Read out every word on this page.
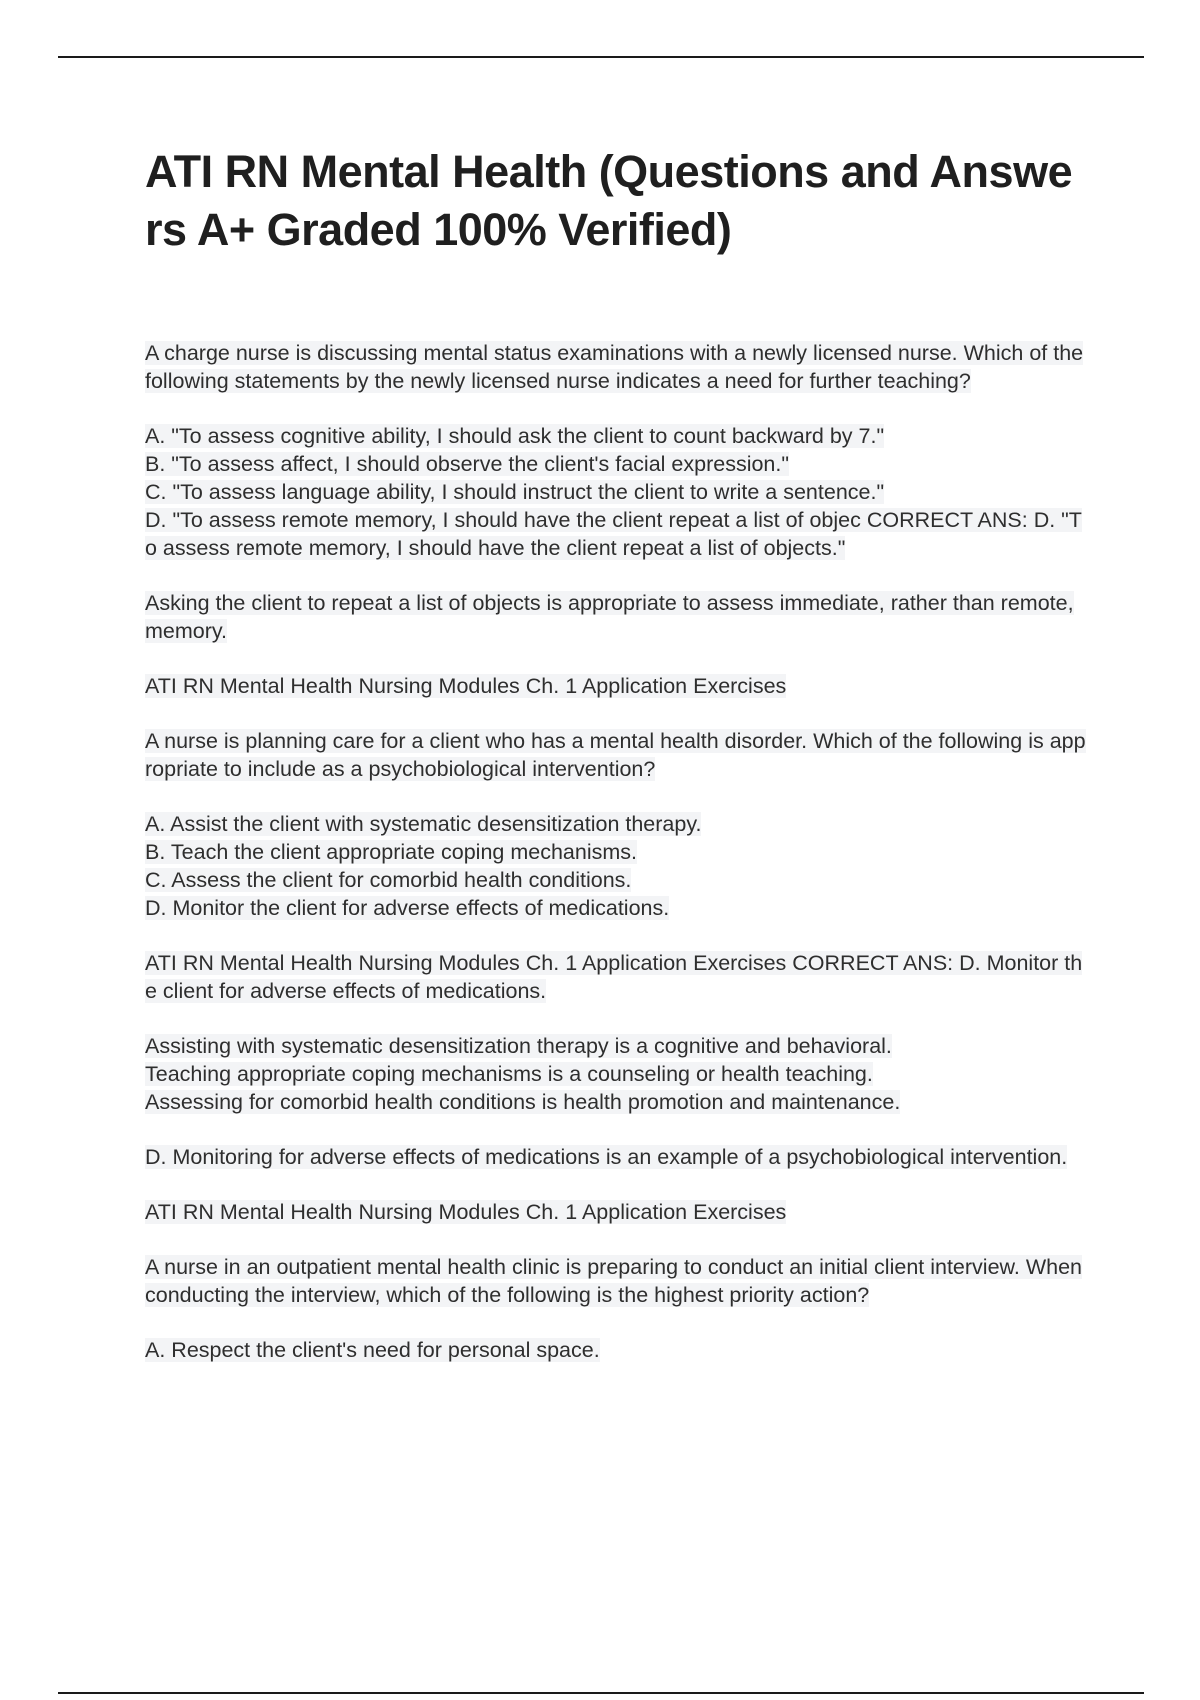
ATI RN Mental Health (Questions and Answers A+ Graded 100% Verified)

A charge nurse is discussing mental status examinations with a newly licensed nurse. Which of the following statements by the newly licensed nurse indicates a need for further teaching?

A. "To assess cognitive ability, I should ask the client to count backward by 7."
B. "To assess affect, I should observe the client's facial expression."
C. "To assess language ability, I should instruct the client to write a sentence."
D. "To assess remote memory, I should have the client repeat a list of objec CORRECT ANS: D. "To assess remote memory, I should have the client repeat a list of objects."

Asking the client to repeat a list of objects is appropriate to assess immediate, rather than remote, memory.

ATI RN Mental Health Nursing Modules Ch. 1 Application Exercises

A nurse is planning care for a client who has a mental health disorder. Which of the following is appropriate to include as a psychobiological intervention?

A. Assist the client with systematic desensitization therapy.
B. Teach the client appropriate coping mechanisms.
C. Assess the client for comorbid health conditions.
D. Monitor the client for adverse effects of medications.

ATI RN Mental Health Nursing Modules Ch. 1 Application Exercises CORRECT ANS: D. Monitor the client for adverse effects of medications.

Assisting with systematic desensitization therapy is a cognitive and behavioral.
Teaching appropriate coping mechanisms is a counseling or health teaching.
Assessing for comorbid health conditions is health promotion and maintenance.

D. Monitoring for adverse effects of medications is an example of a psychobiological intervention.

ATI RN Mental Health Nursing Modules Ch. 1 Application Exercises

A nurse in an outpatient mental health clinic is preparing to conduct an initial client interview. When conducting the interview, which of the following is the highest priority action?

A. Respect the client's need for personal space.
